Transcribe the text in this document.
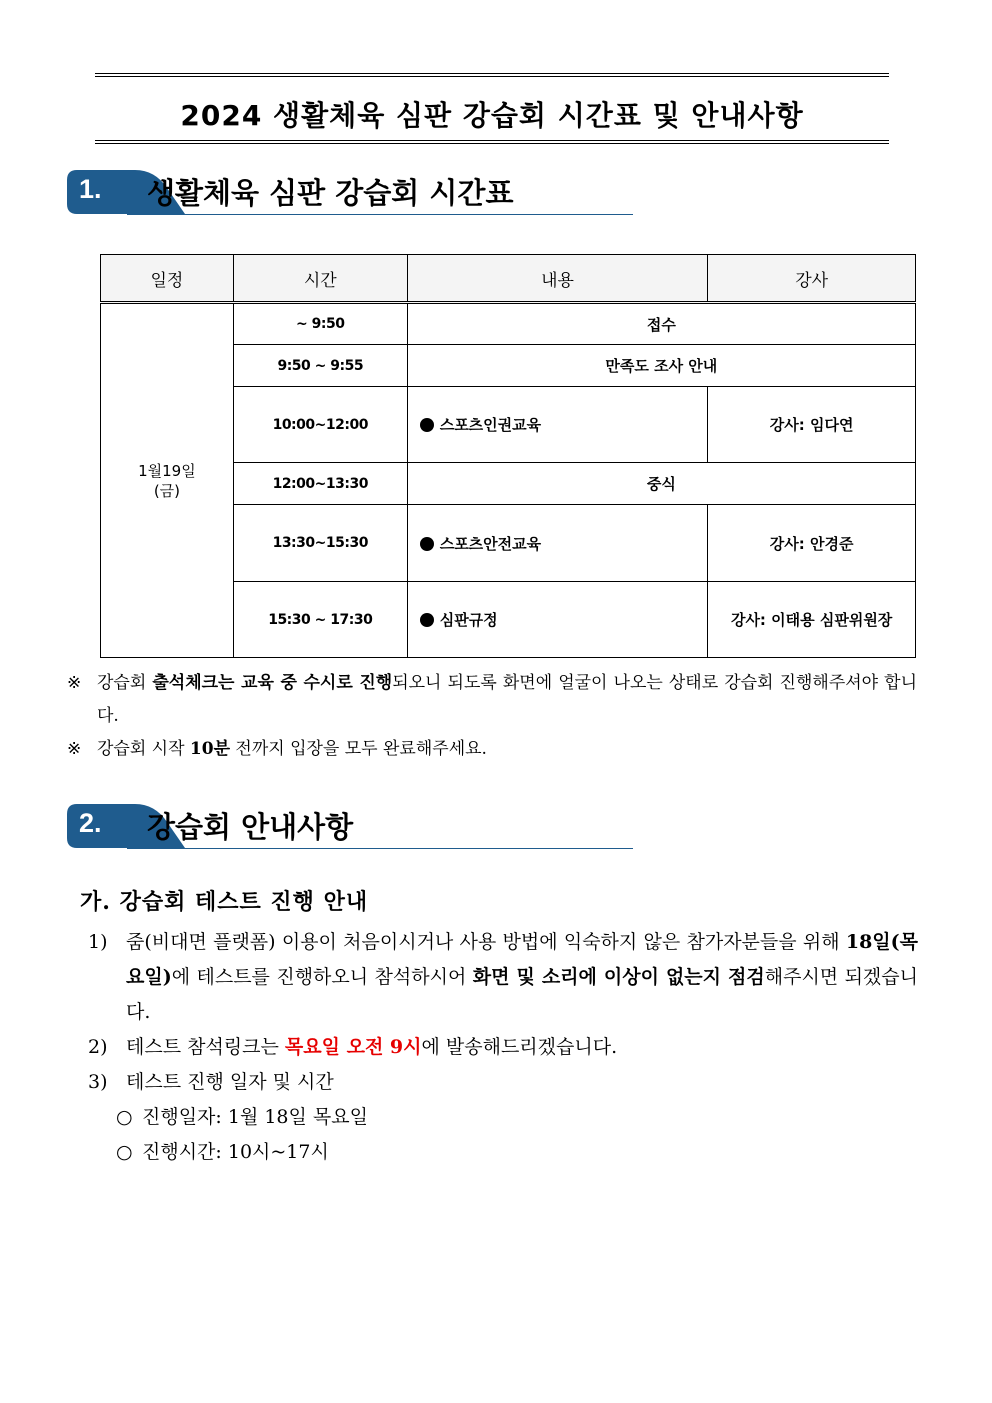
2024 생활체육 심판 강습회 시간표 및 안내사항
1. 생활체육 심판 강습회 시간표
일정	시간	내용	강사

1월19일
(금)	~ 9:50	접수	
	9:50 ~ 9:55	만족도 조사 안내	
	10:00~12:00	스포츠인권교육	강사: 임다연
	12:00~13:30	중식	
	13:30~15:30	스포츠안전교육	강사: 안경준
	15:30 ~ 17:30	심판규정	강사: 이태용 심판위원장
※ 강습회 출석체크는 교육 중 수시로 진행되오니 되도록 화면에 얼굴이 나오는 상태로 강습회 진행해주셔야 합니다.
※ 강습회 시작 10분 전까지 입장을 모두 완료해주세요.
2. 강습회 안내사항
가. 강습회 테스트 진행 안내
1) 줌(비대면 플랫폼) 이용이 처음이시거나 사용 방법에 익숙하지 않은 참가자분들을 위해 18일(목요일)에 테스트를 진행하오니 참석하시어 화면 및 소리에 이상이 없는지 점검해주시면 되겠습니다.
2) 테스트 참석링크는 목요일 오전 9시에 발송해드리겠습니다.
3) 테스트 진행 일자 및 시간
○ 진행일자: 1월 18일 목요일
○ 진행시간: 10시~17시
